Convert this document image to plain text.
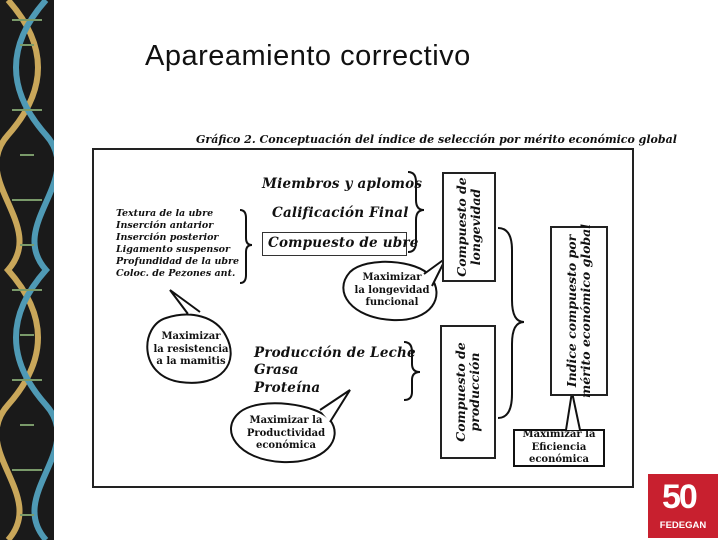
Apareamiento correctivo
Gráfico 2. Conceptuación del índice de selección por mérito económico global
Textura de la ubre
Inserción antarior
Inserción posterior
Ligamento suspensor
Profundidad de la ubre
Coloc. de Pezones ant.
Miembros y aplomos
Calificación Final
Compuesto de ubre
Producción de Leche
Grasa
Proteína
Compuesto de longevidad
Compuesto de producción
Indice compuesto por mérito económico global
Maximizar
la resistencia
a la mamitis
Maximizar
la longevidad
funcional
Maximizar la
Productividad
económica
Maximizar la
Eficiencia
económica
50
FEDEGAN
